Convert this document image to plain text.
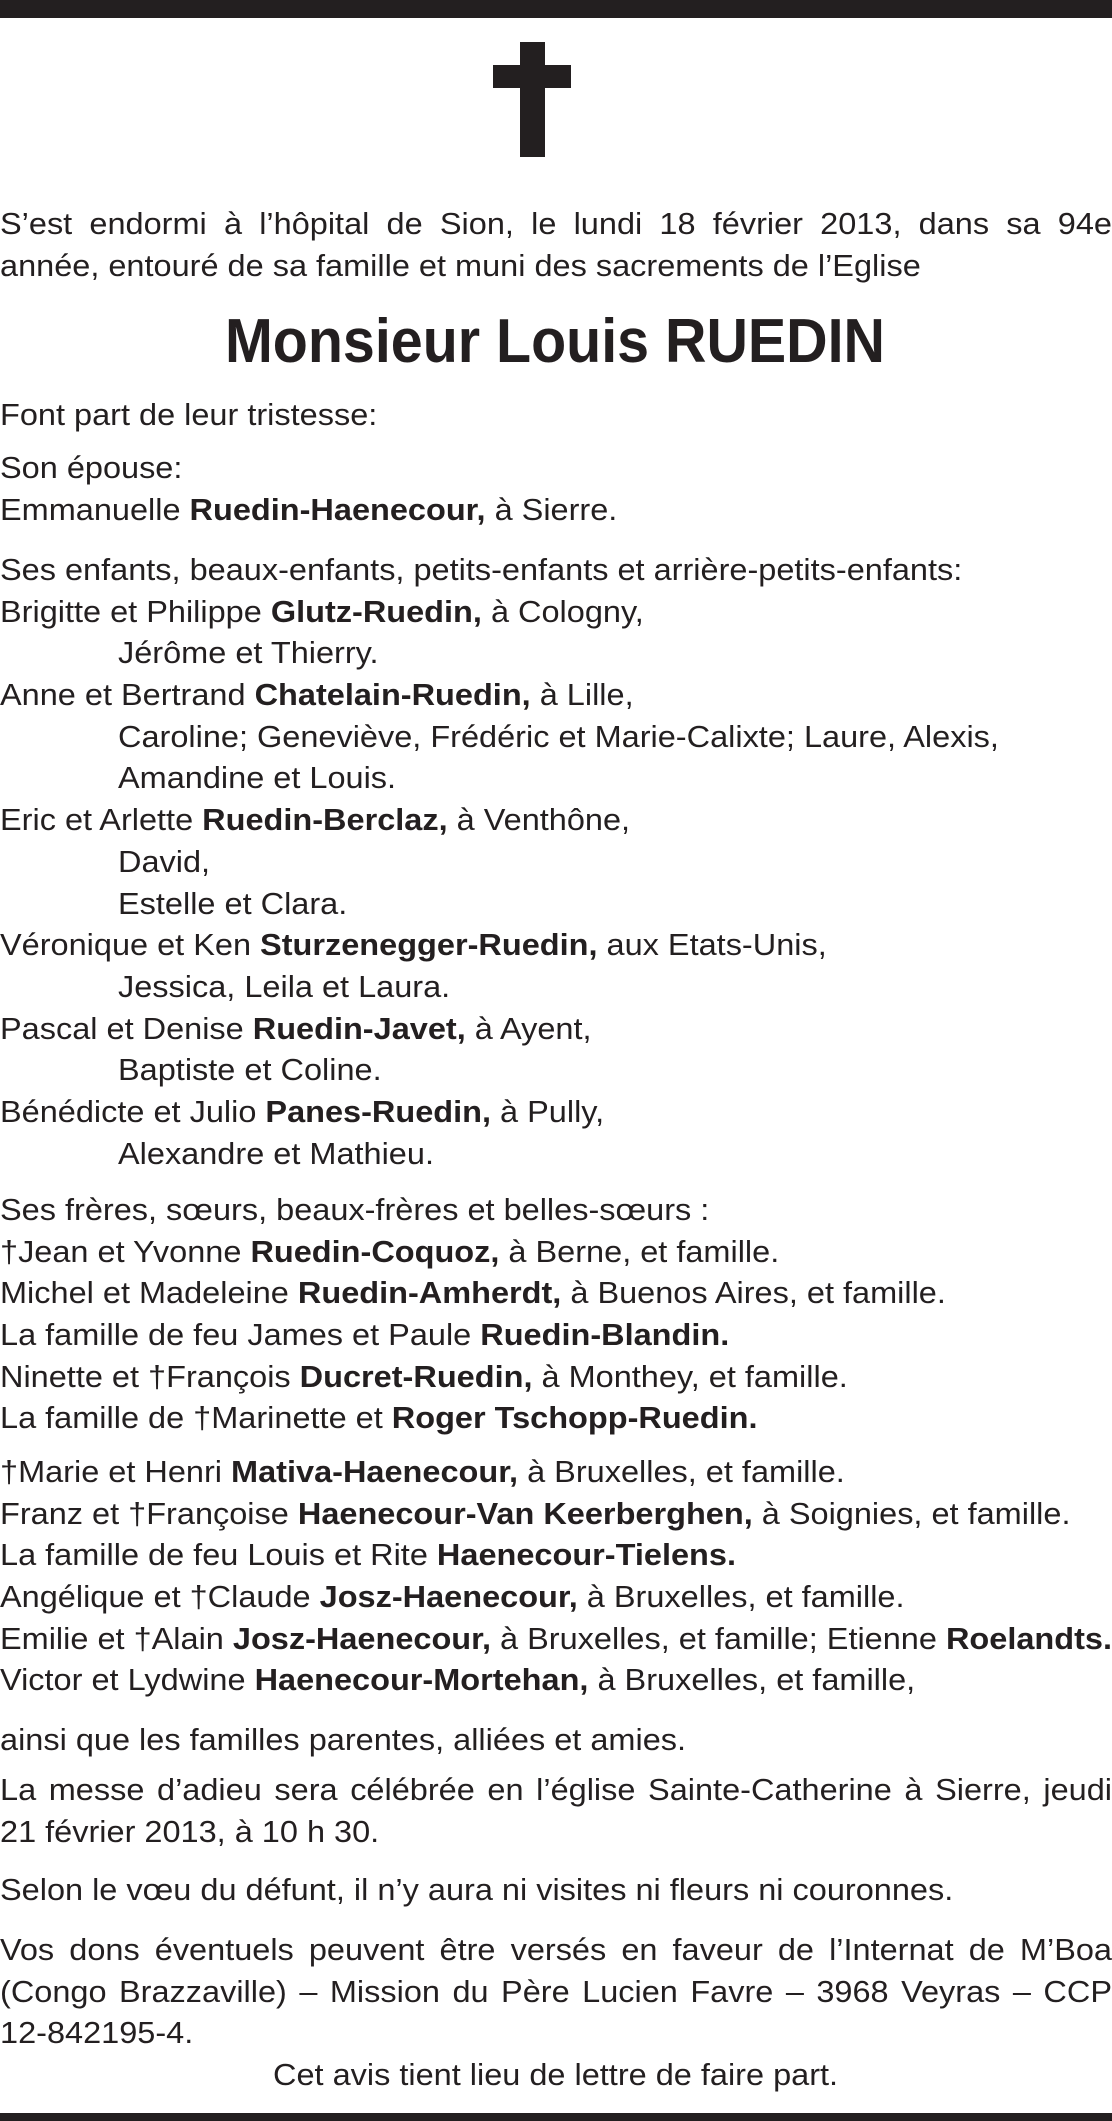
Monsieur Louis RUEDIN
S’est endormi à l’hôpital de Sion, le lundi 18 février 2013, dans sa 94e
année, entouré de sa famille et muni des sacrements de l’Eglise
Font part de leur tristesse:
Son épouse:
Emmanuelle Ruedin-Haenecour, à Sierre.
Ses enfants, beaux-enfants, petits-enfants et arrière-petits-enfants:
Brigitte et Philippe Glutz-Ruedin, à Cologny,
Jérôme et Thierry.
Anne et Bertrand Chatelain-Ruedin, à Lille,
Caroline; Geneviève, Frédéric et Marie-Calixte; Laure, Alexis,
Amandine et Louis.
Eric et Arlette Ruedin-Berclaz, à Venthône,
David,
Estelle et Clara.
Véronique et Ken Sturzenegger-Ruedin, aux Etats-Unis,
Jessica, Leila et Laura.
Pascal et Denise Ruedin-Javet, à Ayent,
Baptiste et Coline.
Bénédicte et Julio Panes-Ruedin, à Pully,
Alexandre et Mathieu.
Ses frères, sœurs, beaux-frères et belles-sœurs :
†Jean et Yvonne Ruedin-Coquoz, à Berne, et famille.
Michel et Madeleine Ruedin-Amherdt, à Buenos Aires, et famille.
La famille de feu James et Paule Ruedin-Blandin.
Ninette et †François Ducret-Ruedin, à Monthey, et famille.
La famille de †Marinette et Roger Tschopp-Ruedin.
†Marie et Henri Mativa-Haenecour, à Bruxelles, et famille.
Franz et †Françoise Haenecour-Van Keerberghen, à Soignies, et famille.
La famille de feu Louis et Rite Haenecour-Tielens.
Angélique et †Claude Josz-Haenecour, à Bruxelles, et famille.
Emilie et †Alain Josz-Haenecour, à Bruxelles, et famille; Etienne Roelandts.
Victor et Lydwine Haenecour-Mortehan, à Bruxelles, et famille,
ainsi que les familles parentes, alliées et amies.
La messe d’adieu sera célébrée en l’église Sainte-Catherine à Sierre, jeudi
21 février 2013, à 10 h 30.
Selon le vœu du défunt, il n’y aura ni visites ni fleurs ni couronnes.
Vos dons éventuels peuvent être versés en faveur de l’Internat de M’Boa
(Congo Brazzaville) – Mission du Père Lucien Favre – 3968 Veyras – CCP
12-842195-4.
Cet avis tient lieu de lettre de faire part.
